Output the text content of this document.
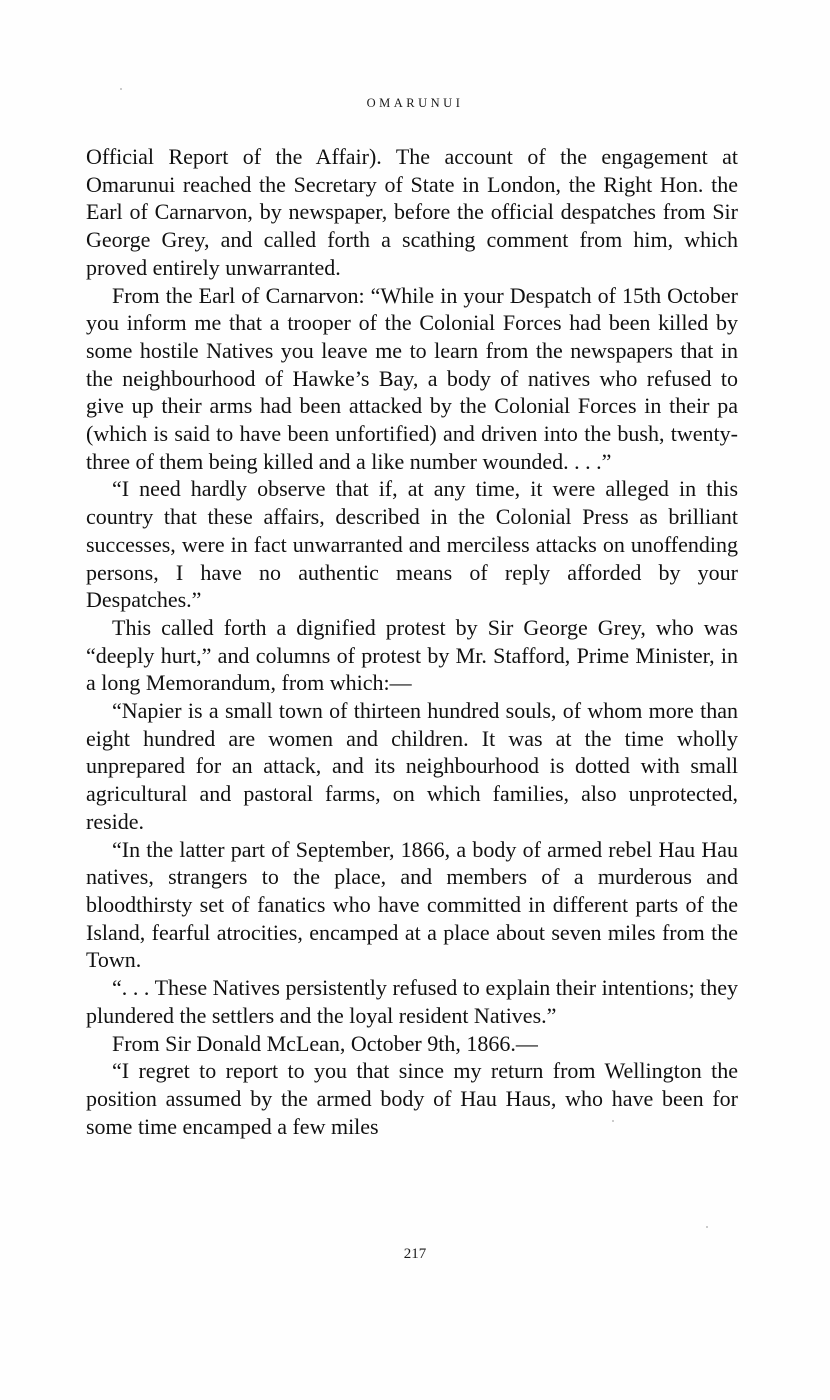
OMARUNUI

Official Report of the Affair). The account of the engagement at Omarunui reached the Secretary of State in London, the Right Hon. the Earl of Carnarvon, by newspaper, before the official despatches from Sir George Grey, and called forth a scathing comment from him, which proved entirely unwarranted.

From the Earl of Carnarvon: “While in your Despatch of 15th October you inform me that a trooper of the Colonial Forces had been killed by some hostile Natives you leave me to learn from the newspapers that in the neighbourhood of Hawke’s Bay, a body of natives who refused to give up their arms had been attacked by the Colonial Forces in their pa (which is said to have been unfortified) and driven into the bush, twenty-three of them being killed and a like number wounded. . . .”

“I need hardly observe that if, at any time, it were alleged in this country that these affairs, described in the Colonial Press as brilliant successes, were in fact unwarranted and merciless attacks on unoffending persons, I have no authentic means of reply afforded by your Despatches.”

This called forth a dignified protest by Sir George Grey, who was “deeply hurt,” and columns of protest by Mr. Stafford, Prime Minister, in a long Memorandum, from which:—

“Napier is a small town of thirteen hundred souls, of whom more than eight hundred are women and children. It was at the time wholly unprepared for an attack, and its neighbourhood is dotted with small agricultural and pastoral farms, on which families, also unprotected, reside.

“In the latter part of September, 1866, a body of armed rebel Hau Hau natives, strangers to the place, and members of a murderous and bloodthirsty set of fanatics who have committed in different parts of the Island, fearful atrocities, encamped at a place about seven miles from the Town.

“. . . These Natives persistently refused to explain their intentions; they plundered the settlers and the loyal resident Natives.”

From Sir Donald McLean, October 9th, 1866.—

“I regret to report to you that since my return from Wellington the position assumed by the armed body of Hau Haus, who have been for some time encamped a few miles

217
